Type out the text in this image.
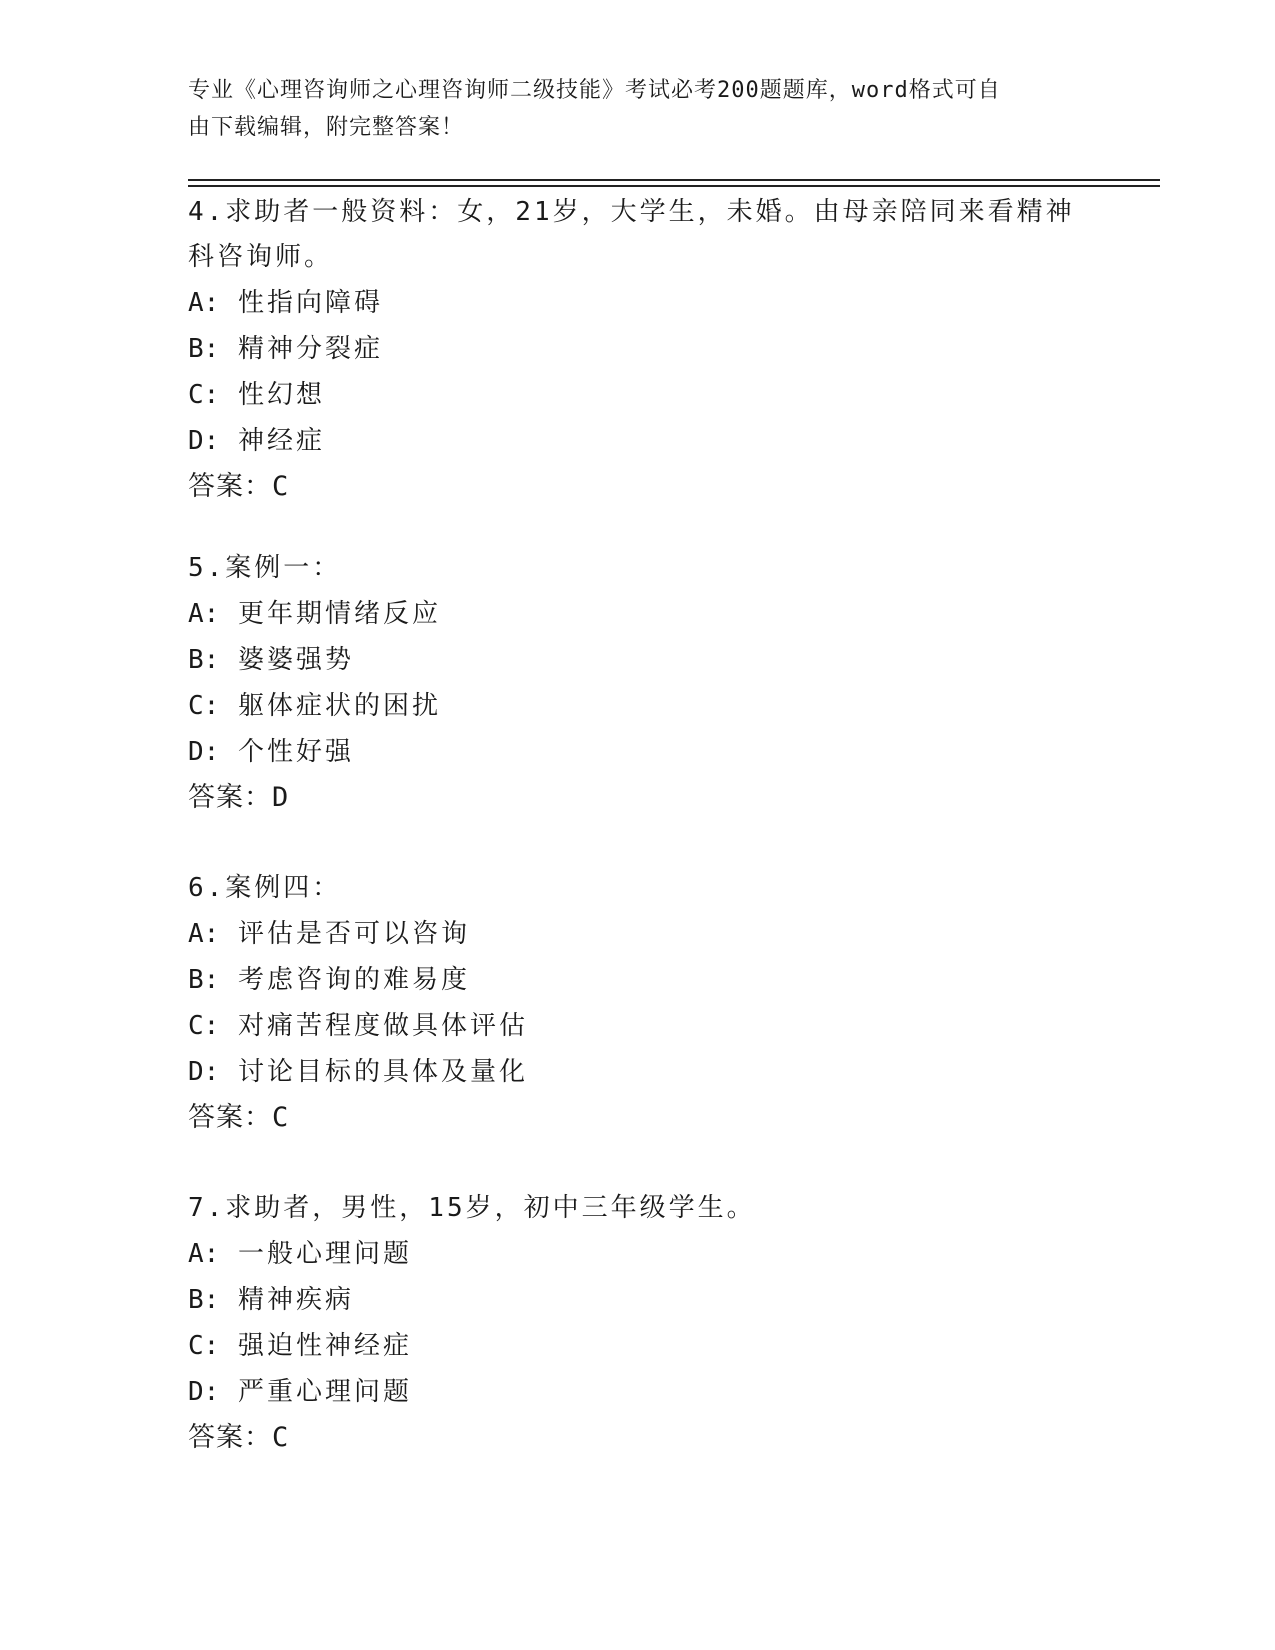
专业《心理咨询师之心理咨询师二级技能》考试必考200题题库，word格式可自
由下载编辑，附完整答案！

4.求助者一般资料：女，21岁，大学生，未婚。由母亲陪同来看精神

科咨询师。

A: 性指向障碍

B: 精神分裂症

C: 性幻想

D: 神经症

答案：C

5.案例一：

A: 更年期情绪反应

B: 婆婆强势

C: 躯体症状的困扰

D: 个性好强

答案：D

6.案例四：

A: 评估是否可以咨询

B: 考虑咨询的难易度

C: 对痛苦程度做具体评估

D: 讨论目标的具体及量化

答案：C

7.求助者，男性，15岁，初中三年级学生。

A: 一般心理问题

B: 精神疾病

C: 强迫性神经症

D: 严重心理问题

答案：C
